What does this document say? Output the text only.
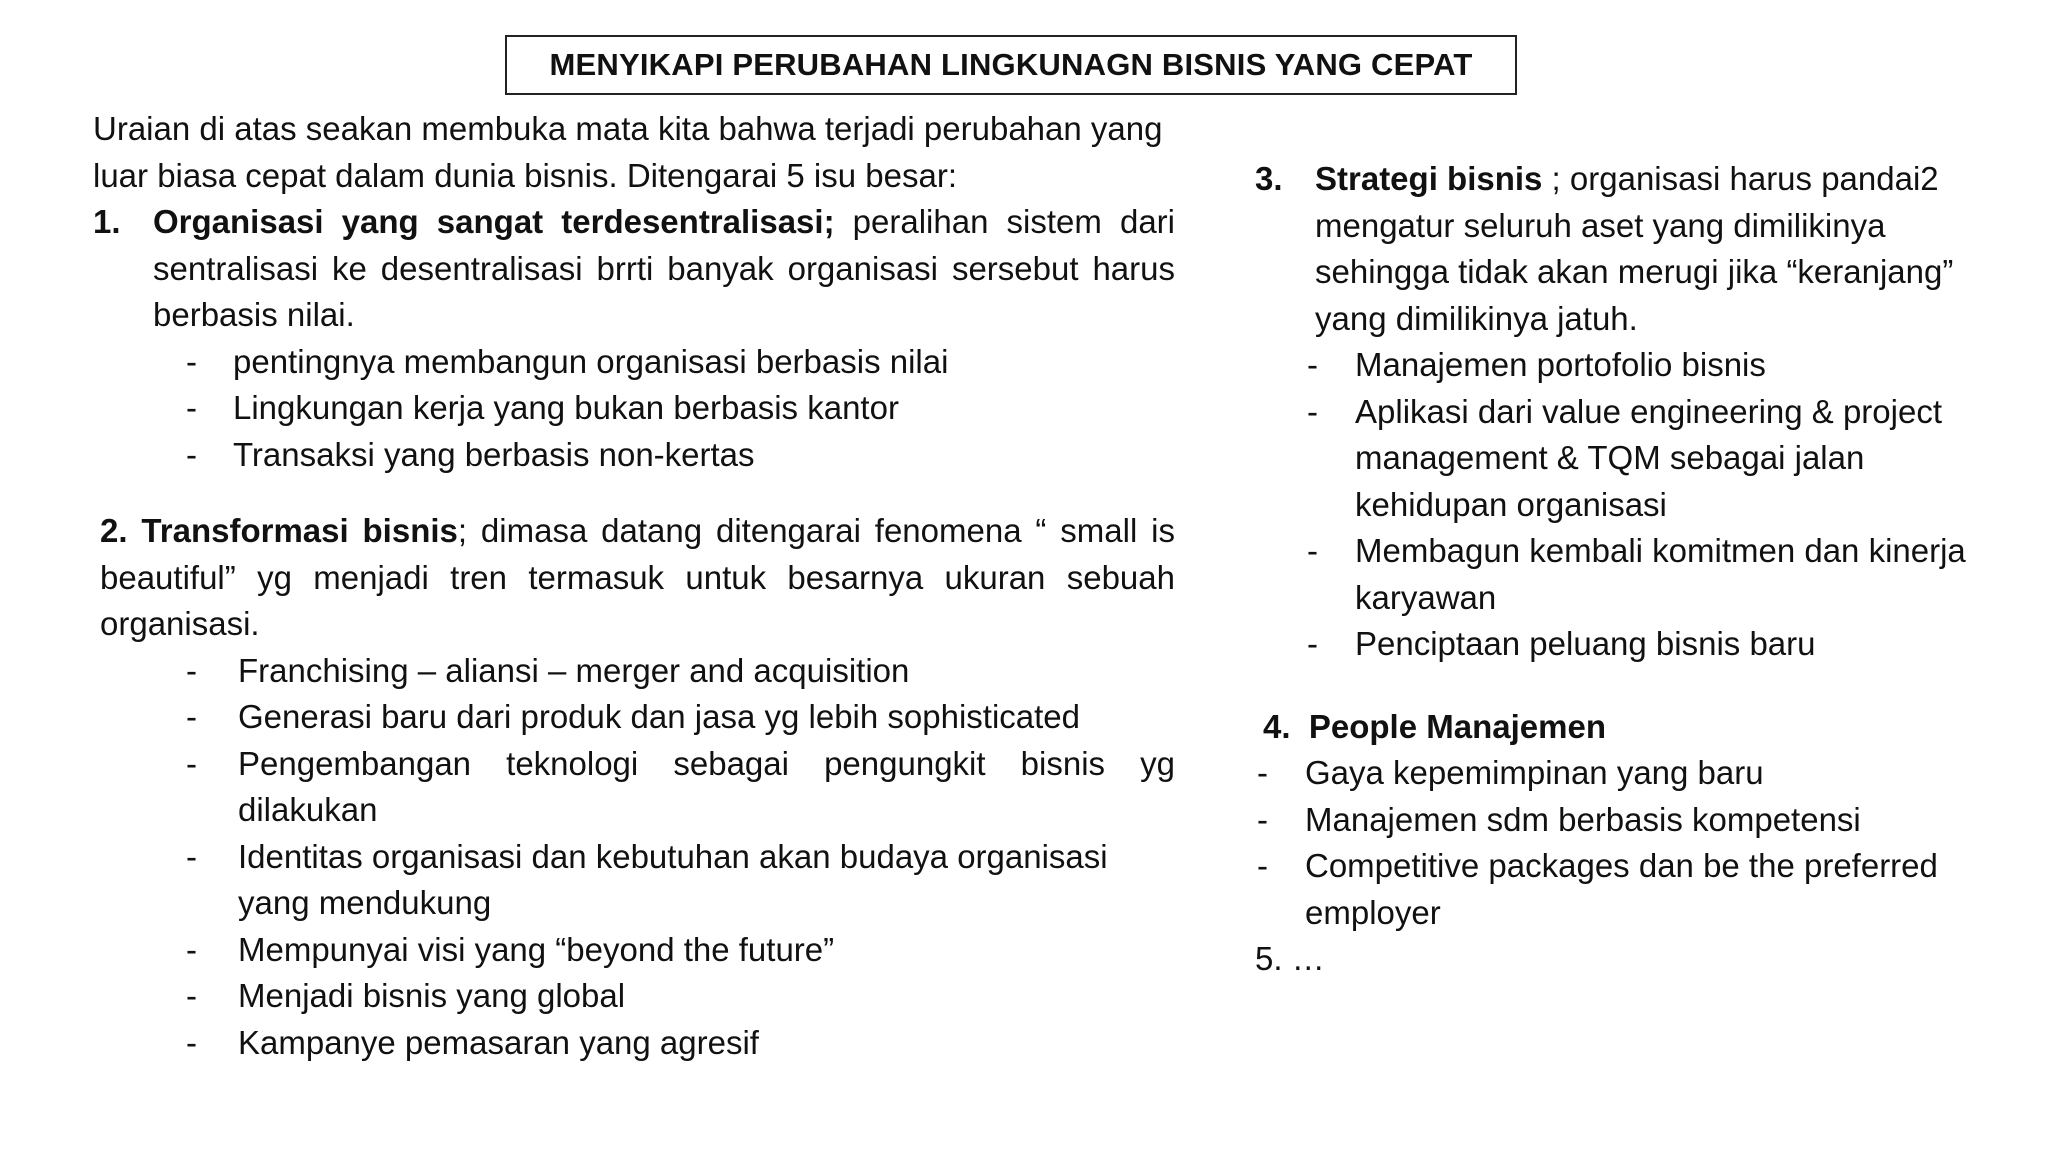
MENYIKAPI PERUBAHAN LINGKUNAGN BISNIS YANG CEPAT

Uraian di atas seakan membuka mata kita bahwa terjadi perubahan yang luar biasa cepat dalam dunia bisnis. Ditengarai 5 isu besar:

1. Organisasi yang sangat terdesentralisasi; peralihan sistem dari sentralisasi ke desentralisasi brrti banyak organisasi sersebut harus berbasis nilai.
- pentingnya membangun organisasi berbasis nilai
- Lingkungan kerja yang bukan berbasis kantor
- Transaksi yang berbasis non-kertas

2. Transformasi bisnis; dimasa datang ditengarai fenomena “ small is beautiful” yg menjadi tren termasuk untuk besarnya ukuran sebuah organisasi.

- Franchising – aliansi – merger and acquisition
- Generasi baru dari produk dan jasa yg lebih sophisticated
- Pengembangan teknologi sebagai pengungkit bisnis yg dilakukan
- Identitas organisasi dan kebutuhan akan budaya organisasi yang mendukung
- Mempunyai visi yang “beyond the future”
- Menjadi bisnis yang global
- Kampanye pemasaran yang agresif
3. Strategi bisnis ; organisasi harus pandai2 mengatur seluruh aset yang dimilikinya sehingga tidak akan merugi jika “keranjang” yang dimilikinya jatuh.
- Manajemen portofolio bisnis
- Aplikasi dari value engineering & project management & TQM sebagai jalan kehidupan organisasi
- Membagun kembali komitmen dan kinerja karyawan
- Penciptaan peluang bisnis baru

4. People Manajemen

- Gaya kepemimpinan yang baru
- Manajemen sdm berbasis kompetensi
- Competitive packages dan be the preferred employer

5. …
